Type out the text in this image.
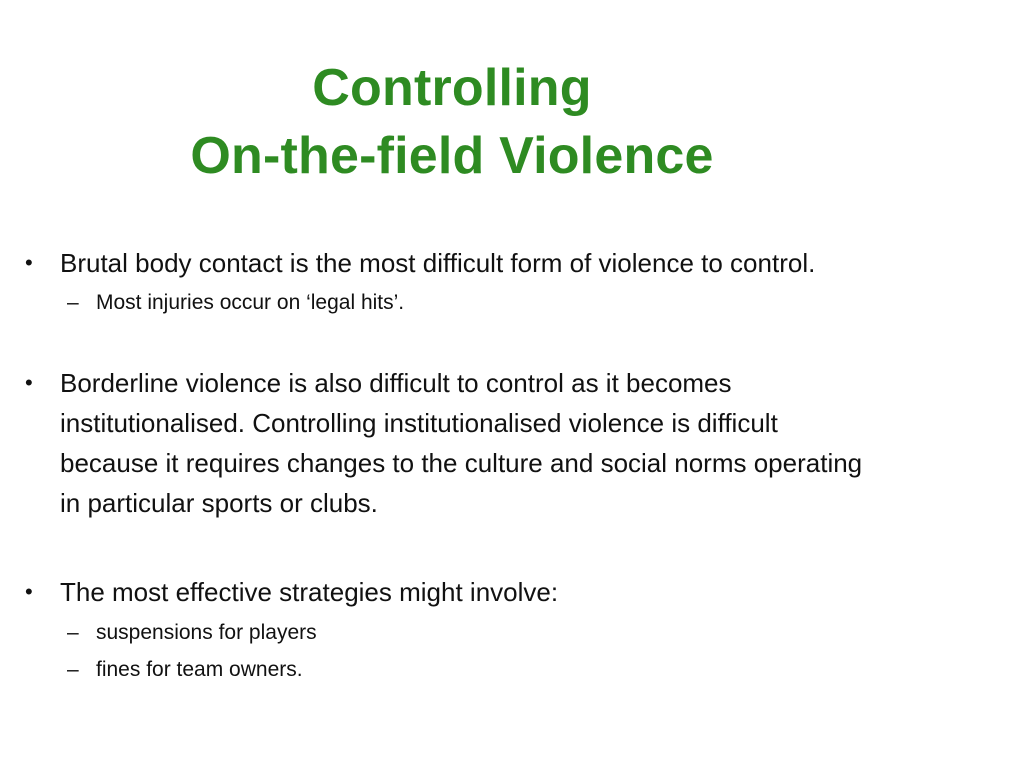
Controlling
On-the-field Violence
• Brutal body contact is the most difficult form of violence to control.
– Most injuries occur on ‘legal hits’.
• Borderline violence is also difficult to control as it becomes
institutionalised. Controlling institutionalised violence is difficult
because it requires changes to the culture and social norms operating
in particular sports or clubs.
• The most effective strategies might involve:
– suspensions for players
– fines for team owners.
